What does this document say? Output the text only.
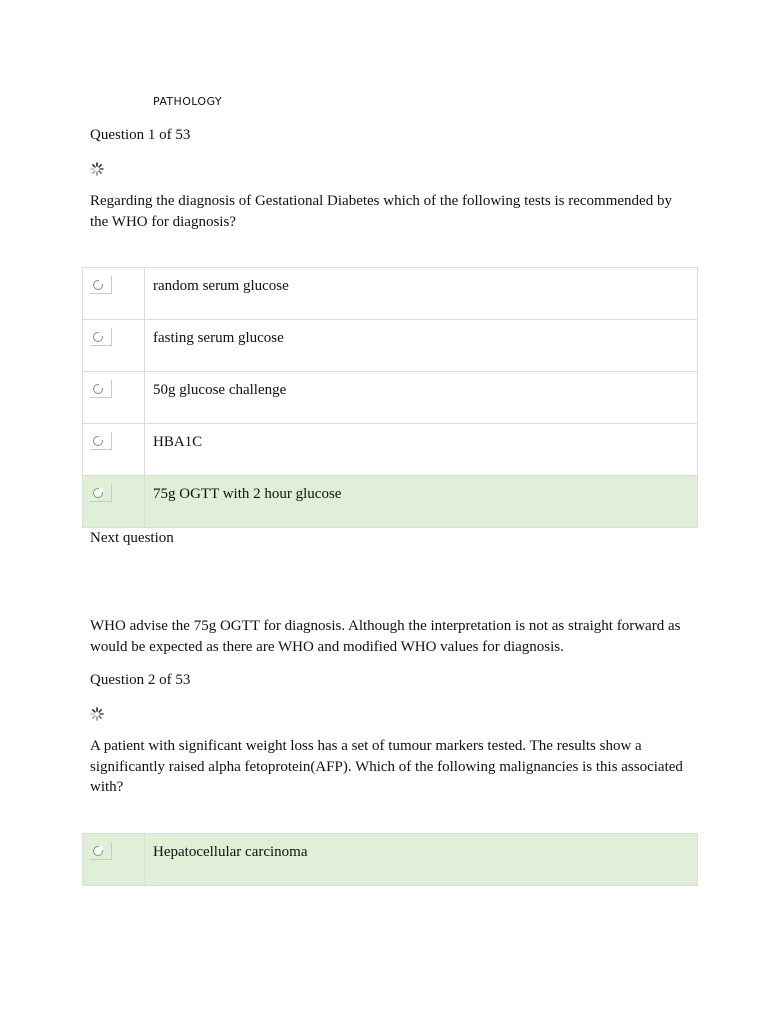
PATHOLOGY
Question 1 of 53
Regarding the diagnosis of Gestational Diabetes which of the following tests is recommended by the WHO for diagnosis?
random serum glucose
fasting serum glucose
50g glucose challenge
HBA1C
75g OGTT with 2 hour glucose
Next question
WHO advise the 75g OGTT for diagnosis. Although the interpretation is not as straight forward as would be expected as there are WHO and modified WHO values for diagnosis.
Question 2 of 53
A patient with significant weight loss has a set of tumour markers tested. The results show a significantly raised alpha fetoprotein(AFP). Which of the following malignancies is this associated with?
Hepatocellular carcinoma
